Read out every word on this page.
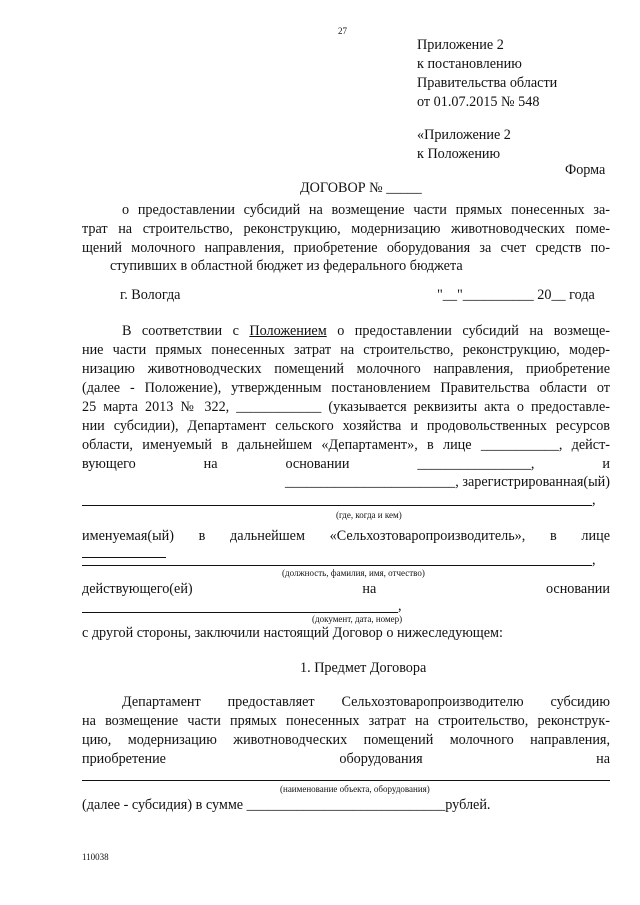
27
Приложение 2
к постановлению
Правительства области
от 01.07.2015 № 548
«Приложение 2
к Положению
Форма
ДОГОВОР № _____
о предоставлении субсидий на возмещение части прямых понесенных за-
трат на строительство, реконструкцию, модернизацию животноводческих поме-
щений молочного направления, приобретение оборудования за счет средств по-
ступивших в областной бюджет из федерального бюджета
г. Вологда	"__"__________ 20__ года
В соответствии с Положением о предоставлении субсидий на возмеще-
ние части прямых понесенных затрат на строительство, реконструкцию, модер-
низацию животноводческих помещений молочного направления, приобретение
(далее - Положение), утвержденным постановлением Правительства области от
25 марта 2013 № 322, ____________ (указывается реквизиты акта о предоставле-
нии субсидии), Департамент сельского хозяйства и продовольственных ресурсов
области, именуемый в дальнейшем «Департамент», в лице ___________, дейст-
вующего на основании ________________, и
________________________, зарегистрированная(ый)
,
(где, когда и кем)
именуемая(ый) в дальнейшем «Сельхозтоваропроизводитель», в лице
,
(должность, фамилия, имя, отчество)
действующего(ей) на основании
,
(документ, дата, номер)
с другой стороны, заключили настоящий Договор о нижеследующем:
1. Предмет Договора
Департамент предоставляет Сельхозтоваропроизводителю субсидию
на возмещение части прямых понесенных затрат на строительство, реконструк-
цию, модернизацию животноводческих помещений молочного направления,
приобретение оборудования на
(наименование объекта, оборудования)
(далее - субсидия) в сумме ____________________________рублей.
110038
